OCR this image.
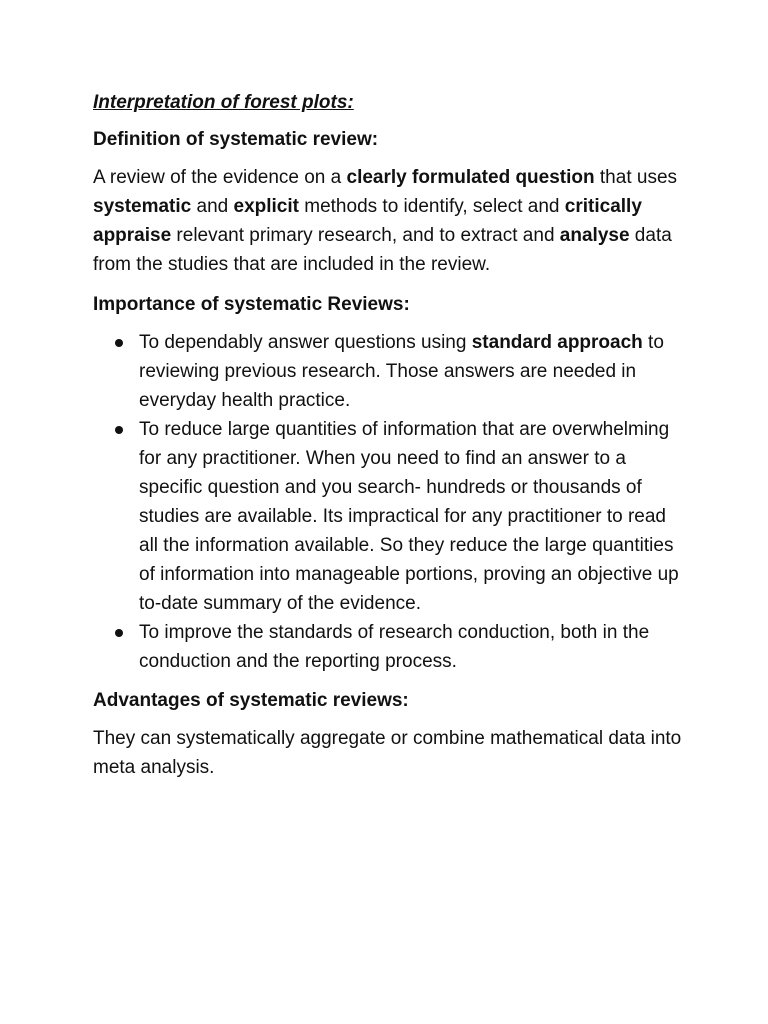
Interpretation of forest plots:
Definition of systematic review:

A review of the evidence on a clearly formulated question that uses systematic and explicit methods to identify, select and critically appraise relevant primary research, and to extract and analyse data from the studies that are included in the review.

Importance of systematic Reviews:
To dependably answer questions using standard approach to reviewing previous research. Those answers are needed in everyday health practice.
To reduce large quantities of information that are overwhelming for any practitioner. When you need to find an answer to a specific question and you search- hundreds or thousands of studies are available. Its impractical for any practitioner to read all the information available. So they reduce the large quantities of information into manageable portions, proving an objective up to-date summary of the evidence.
To improve the standards of research conduction, both in the conduction and the reporting process.
Advantages of systematic reviews:

They can systematically aggregate or combine mathematical data into meta analysis.
